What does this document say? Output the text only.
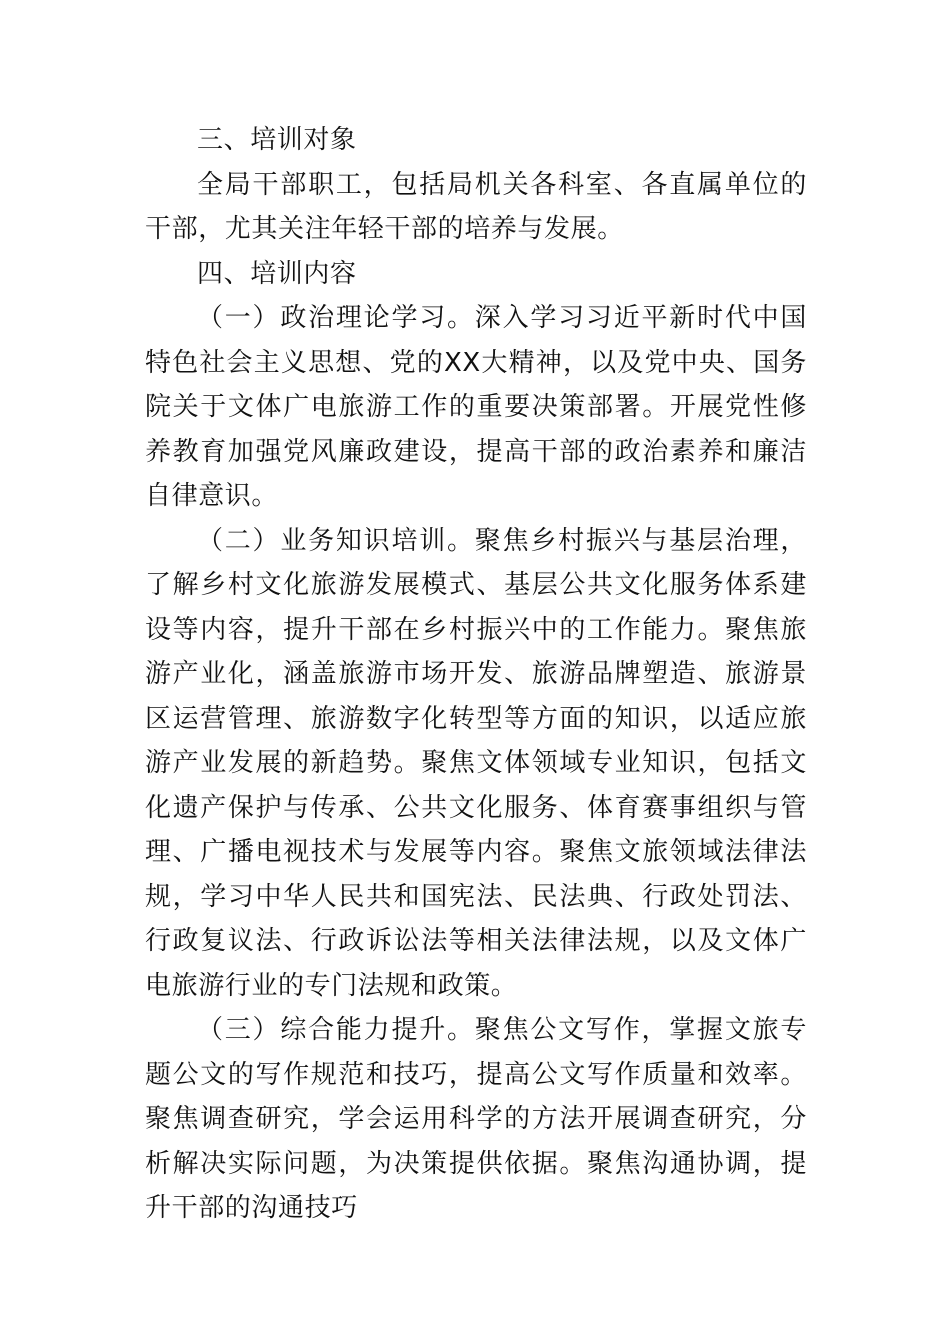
三、培训对象

全局干部职工，包括局机关各科室、各直属单位的干部，尤其关注年轻干部的培养与发展。

四、培训内容

（一）政治理论学习。深入学习习近平新时代中国特色社会主义思想、党的XX大精神，以及党中央、国务院关于文体广电旅游工作的重要决策部署。开展党性修养教育加强党风廉政建设，提高干部的政治素养和廉洁自律意识。

（二）业务知识培训。聚焦乡村振兴与基层治理，了解乡村文化旅游发展模式、基层公共文化服务体系建设等内容，提升干部在乡村振兴中的工作能力。聚焦旅游产业化，涵盖旅游市场开发、旅游品牌塑造、旅游景区运营管理、旅游数字化转型等方面的知识，以适应旅游产业发展的新趋势。聚焦文体领域专业知识，包括文化遗产保护与传承、公共文化服务、体育赛事组织与管理、广播电视技术与发展等内容。聚焦文旅领域法律法规，学习中华人民共和国宪法、民法典、行政处罚法、行政复议法、行政诉讼法等相关法律法规，以及文体广电旅游行业的专门法规和政策。

（三）综合能力提升。聚焦公文写作，掌握文旅专题公文的写作规范和技巧，提高公文写作质量和效率。聚焦调查研究，学会运用科学的方法开展调查研究，分析解决实际问题，为决策提供依据。聚焦沟通协调，提升干部的沟通技巧
